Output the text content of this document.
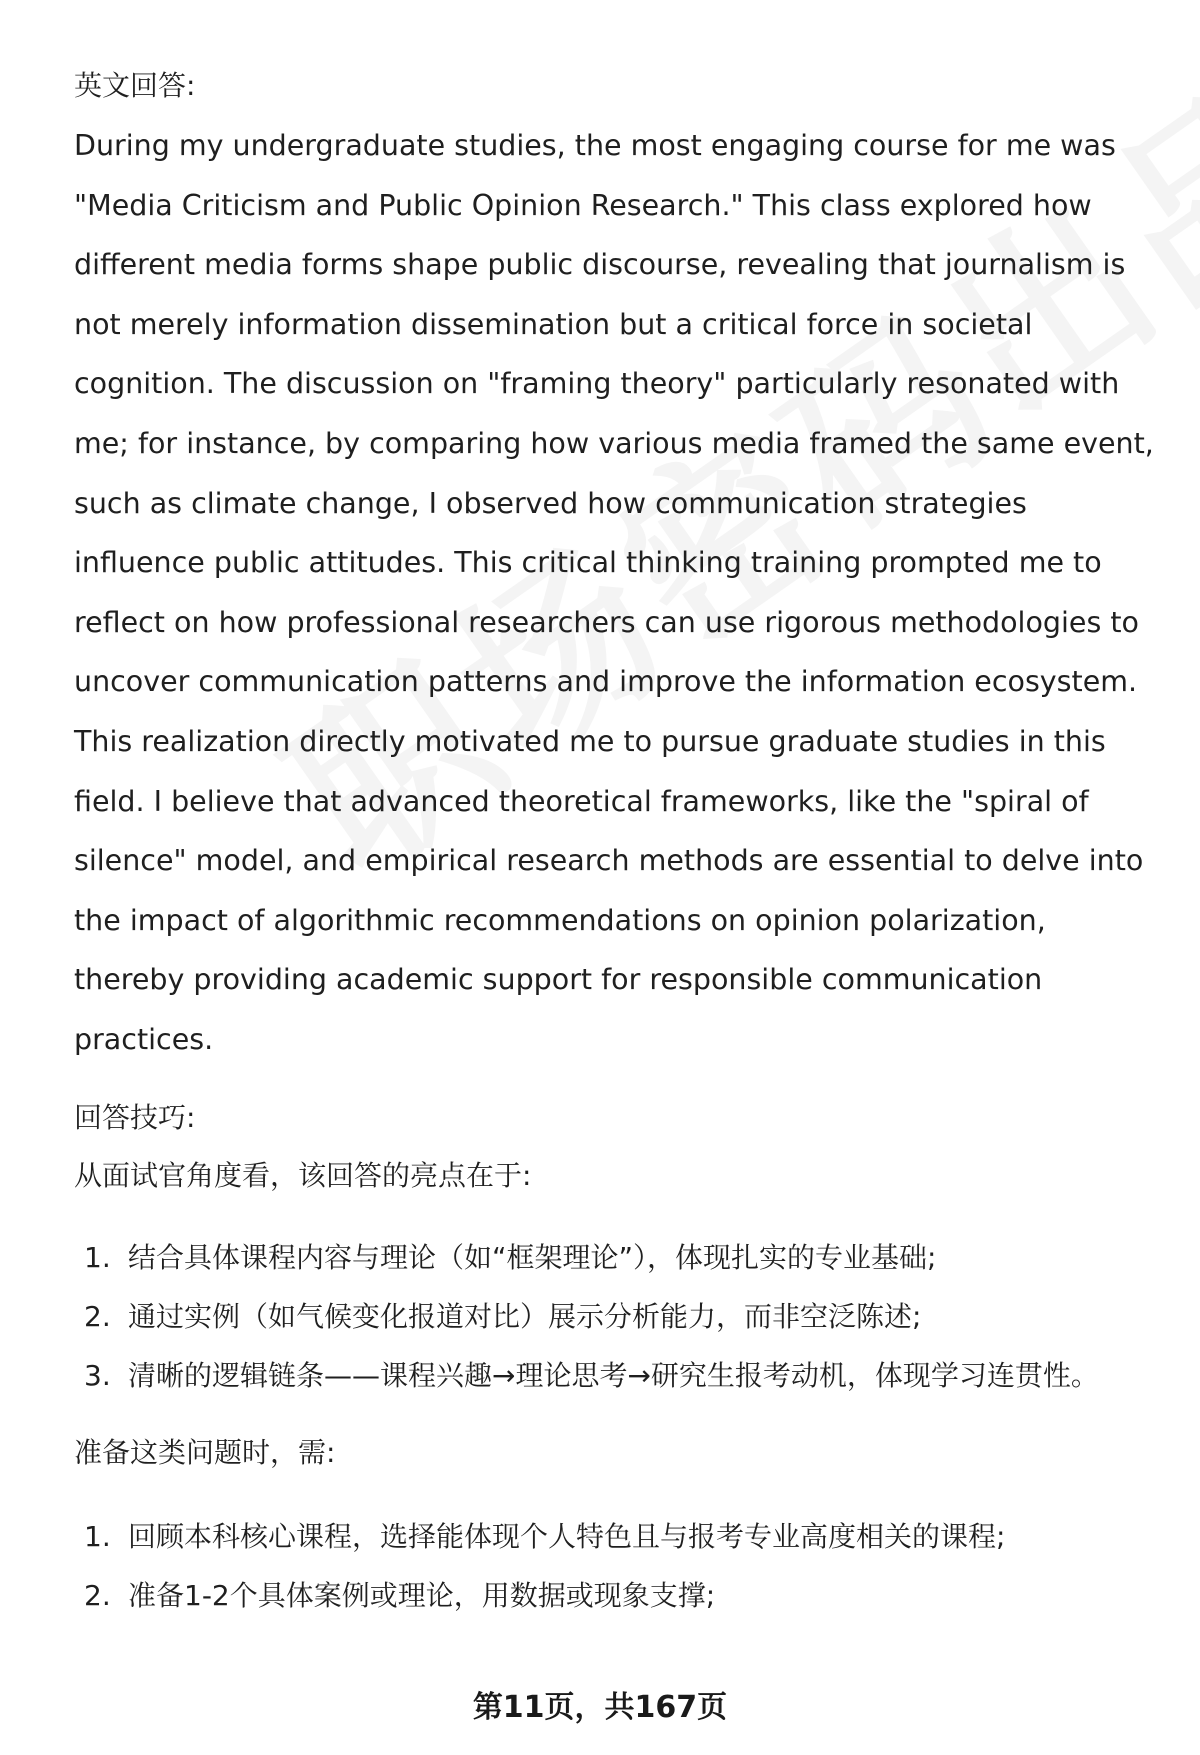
英文回答:

During my undergraduate studies, the most engaging course for me was "Media Criticism and Public Opinion Research." This class explored how different media forms shape public discourse, revealing that journalism is not merely information dissemination but a critical force in societal cognition. The discussion on "framing theory" particularly resonated with me; for instance, by comparing how various media framed the same event, such as climate change, I observed how communication strategies influence public attitudes. This critical thinking training prompted me to reflect on how professional researchers can use rigorous methodologies to uncover communication patterns and improve the information ecosystem. This realization directly motivated me to pursue graduate studies in this field. I believe that advanced theoretical frameworks, like the "spiral of silence" model, and empirical research methods are essential to delve into the impact of algorithmic recommendations on opinion polarization, thereby providing academic support for responsible communication practices.

回答技巧:

从面试官角度看，该回答的亮点在于:

1. 结合具体课程内容与理论（如“框架理论”），体现扎实的专业基础;
2. 通过实例（如气候变化报道对比）展示分析能力，而非空泛陈述;
3. 清晰的逻辑链条——课程兴趣→理论思考→研究生报考动机，体现学习连贯性。

准备这类问题时，需:

1. 回顾本科核心课程，选择能体现个人特色且与报考专业高度相关的课程;
2. 准备1-2个具体案例或理论，用数据或现象支撑;
第11页，共167页
